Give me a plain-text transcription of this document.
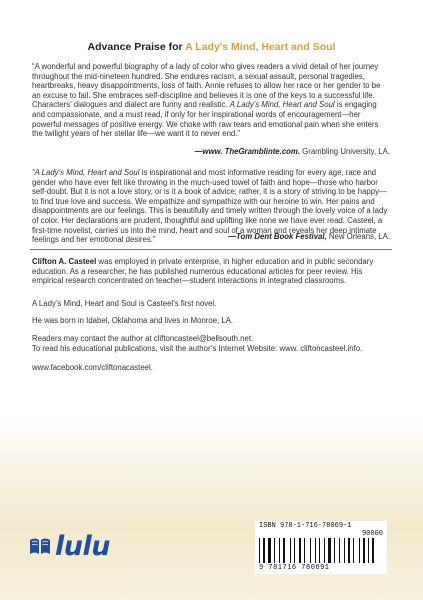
Advance Praise for A Lady's Mind, Heart and Soul

“A wonderful and powerful biography of a lady of color who gives readers a vivid detail of her journey throughout the mid-nineteen hundred. She endures racism, a sexual assault, personal tragedies, heartbreaks, heavy disappointments, loss of faith. Annie refuses to allow her race or her gender to be an excuse to fail. She embraces self-discipline and believes it is one of the keys to a successful life. Characters’ dialogues and dialect are funny and realistic. A Lady’s Mind, Heart and Soul is engaging and compassionate, and a must read, if only for her inspirational words of encouragement—her powerful messages of positive energy. We choke with raw tears and emotional pain when she enters the twilight years of her stellar life—we want it to never end.”

—www. TheGramblinte.com. Grambling University, LA.

“A Lady’s Mind, Heart and Soul is inspirational and most informative reading for every age, race and gender who have ever felt like throwing in the much-used towel of faith and hope—those who harbor self-doubt. But it is not a love story, or is it a book of advice; rather, it is a story of striving to be happy—to find true love and success. We empathize and sympathize with our heroine to win. Her pains and disappointments are our feelings. This is beautifully and timely written through the lovely voice of a lady of color. Her declarations are prudent, thoughtful and uplifting like none we have ever read. Casteel, a first-time novelist, carries us into the mind, heart and soul of a woman and reveals her deep intimate feelings and her emotional desires.”	—Tom Dent Book Festival, New Orleans, LA.

Clifton A. Casteel was employed in private enterprise, in higher education and in public secondary education. As a researcher, he has published numerous educational articles for peer review. His empirical research concentrated on teacher—student interactions in integrated classrooms.

A Lady’s Mind, Heart and Soul is Casteel’s first novel.

He was born in Idabel, Oklahoma and lives in Monroe, LA.

Readers may contact the author at cliftoncasteel@bellsouth.net.

To read his educational publications, visit the author’s Internet Website: www. cliftoncasteel.info.

www.facebook.com/cliftonacasteel.

ISBN 978-1-716-78069-1
90000
9 781716 780691
lulu
